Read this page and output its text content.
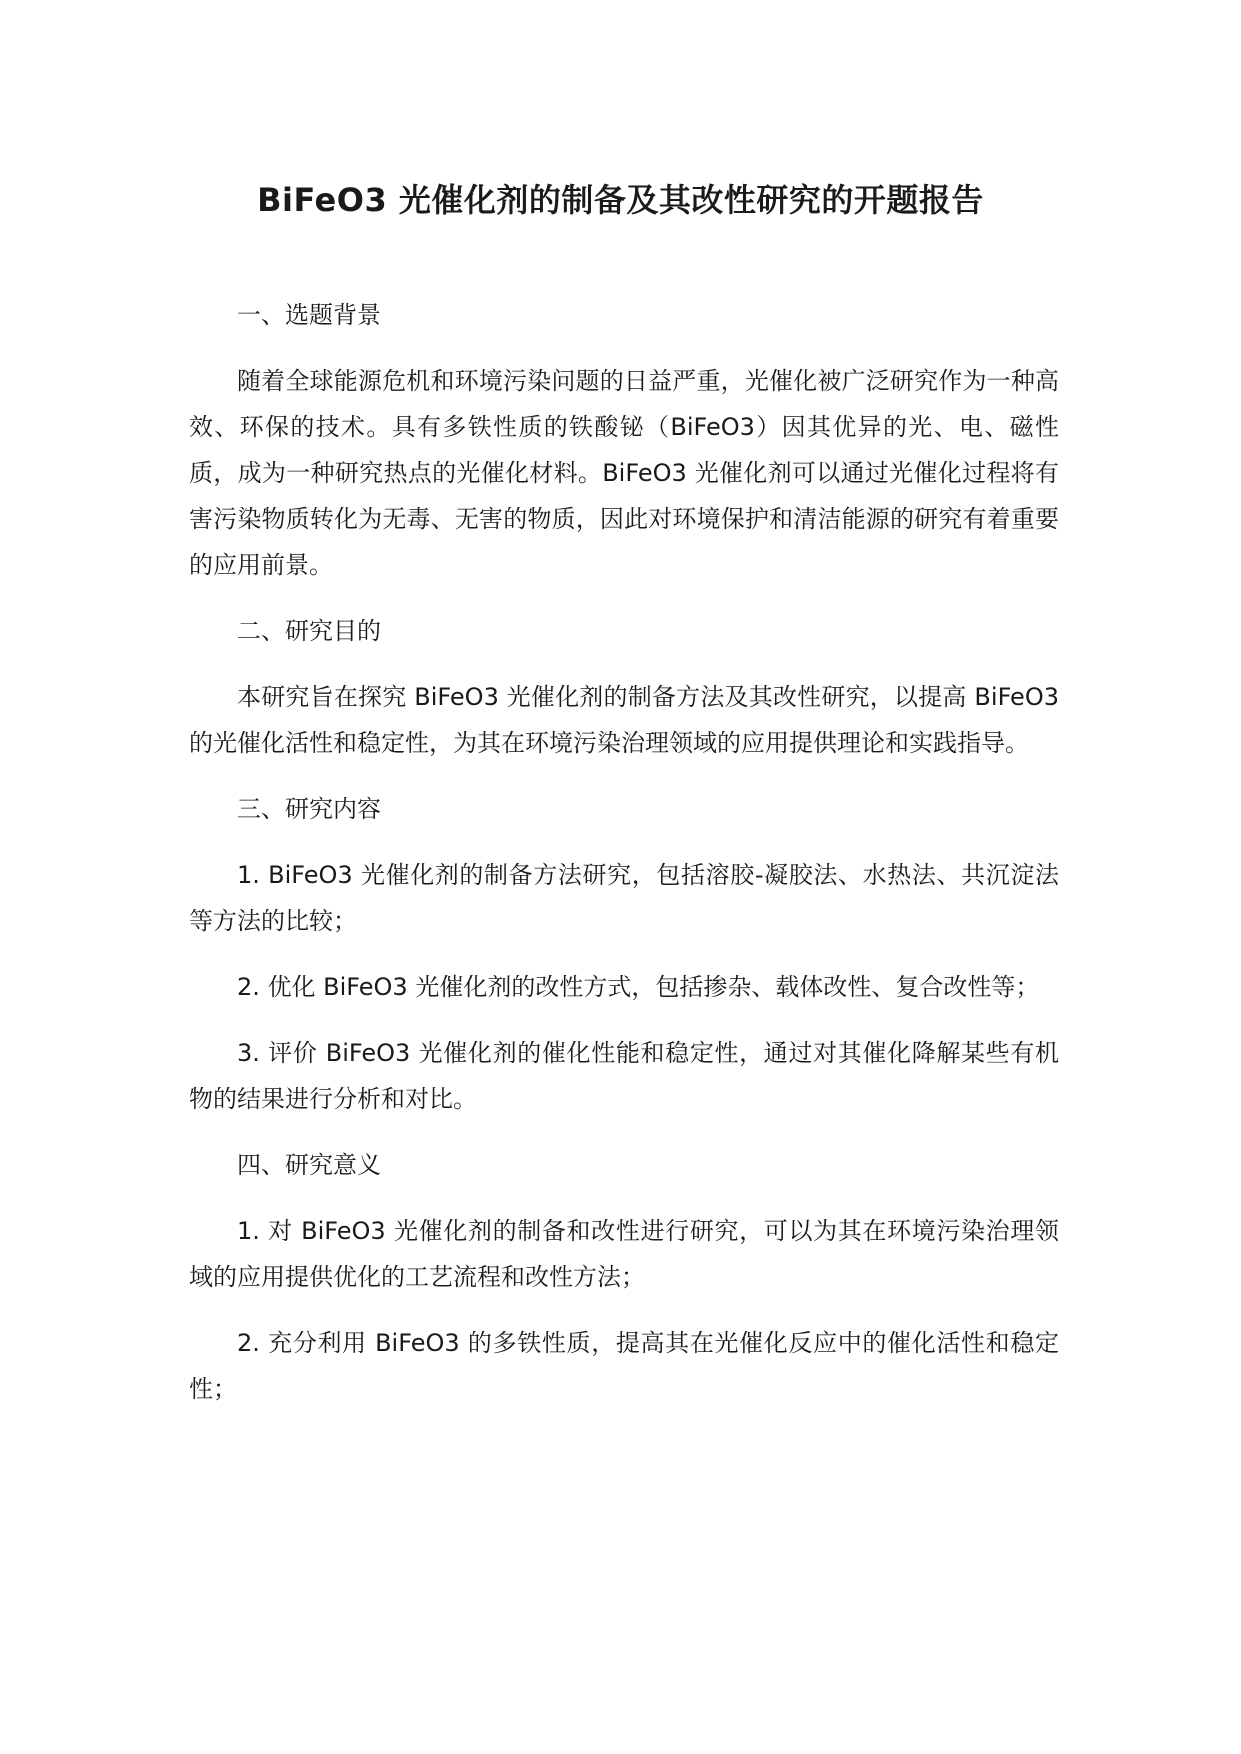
BiFeO3 光催化剂的制备及其改性研究的开题报告

一、选题背景

随着全球能源危机和环境污染问题的日益严重，光催化被广泛研究作为一种高效、环保的技术。具有多铁性质的铁酸铋（BiFeO3）因其优异的光、电、磁性质，成为一种研究热点的光催化材料。BiFeO3 光催化剂可以通过光催化过程将有害污染物质转化为无毒、无害的物质，因此对环境保护和清洁能源的研究有着重要的应用前景。

二、研究目的

本研究旨在探究 BiFeO3 光催化剂的制备方法及其改性研究，以提高 BiFeO3 的光催化活性和稳定性，为其在环境污染治理领域的应用提供理论和实践指导。

三、研究内容

1. BiFeO3 光催化剂的制备方法研究，包括溶胶-凝胶法、水热法、共沉淀法等方法的比较；

2. 优化 BiFeO3 光催化剂的改性方式，包括掺杂、载体改性、复合改性等；

3. 评价 BiFeO3 光催化剂的催化性能和稳定性，通过对其催化降解某些有机物的结果进行分析和对比。

四、研究意义

1. 对 BiFeO3 光催化剂的制备和改性进行研究，可以为其在环境污染治理领域的应用提供优化的工艺流程和改性方法；

2. 充分利用 BiFeO3 的多铁性质，提高其在光催化反应中的催化活性和稳定性；
